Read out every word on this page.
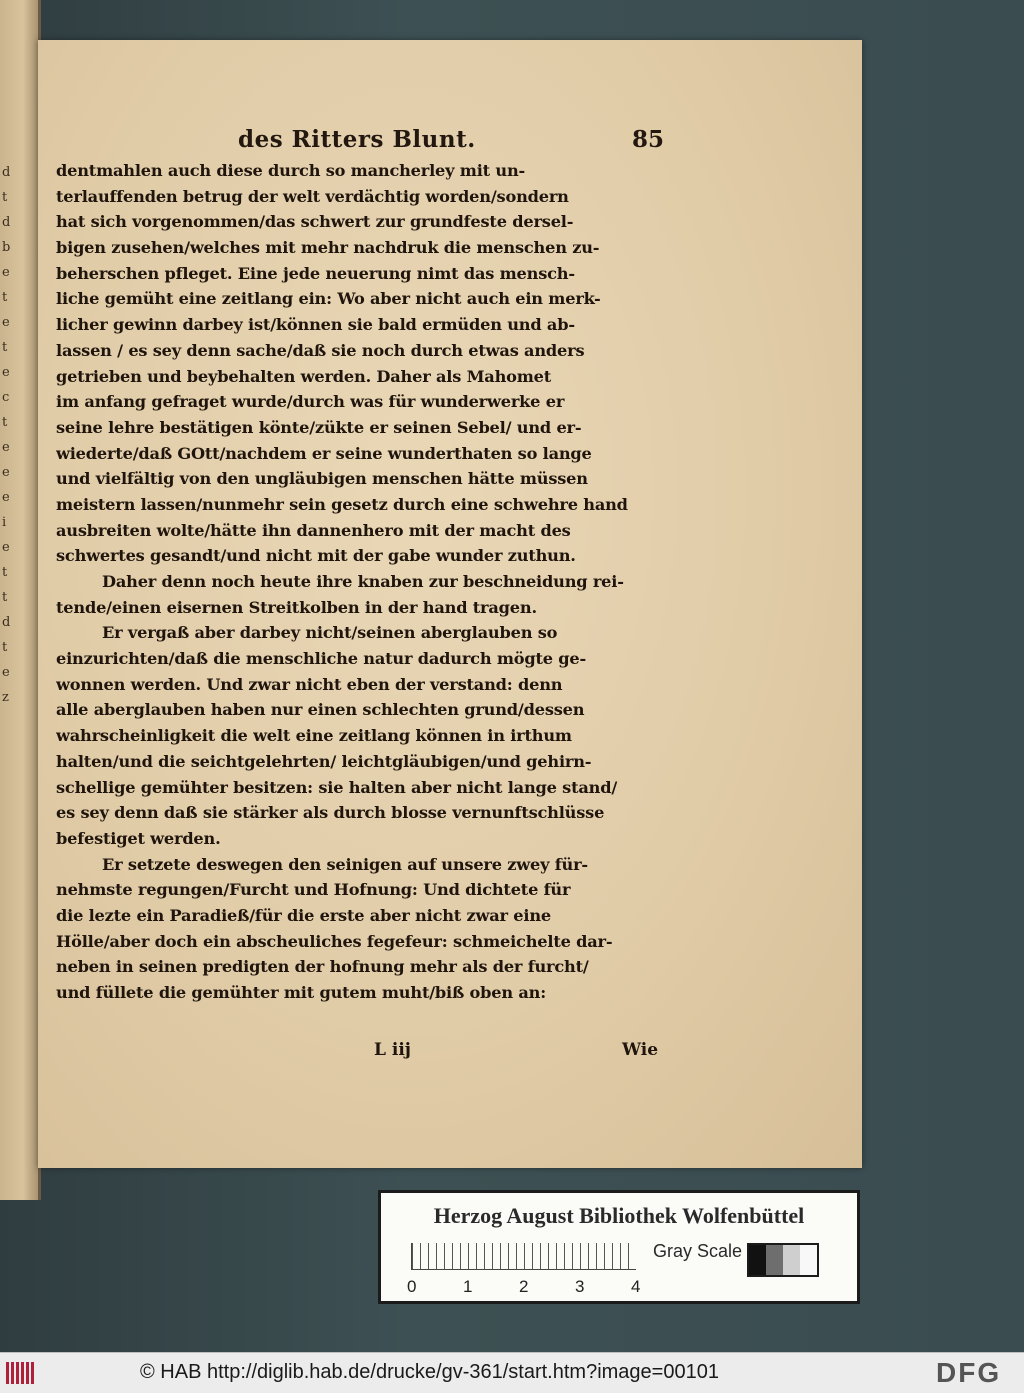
d
t
d
b
e
t
e
t
e
c
t
e
e
e
i
e
t
t
d
t
e
z
des Ritters Blunt.	85
dentmahlen auch diese durch so mancherley mit un-
terlauffenden betrug der welt verdächtig worden/sondern
hat sich vorgenommen/das schwert zur grundfeste dersel-
bigen zusehen/welches mit mehr nachdruk die menschen zu-
beherschen pfleget. Eine jede neuerung nimt das mensch-
liche gemüht eine zeitlang ein: Wo aber nicht auch ein merk-
licher gewinn darbey ist/können sie bald ermüden und ab-
lassen / es sey denn sache/daß sie noch durch etwas anders
getrieben und beybehalten werden. Daher als Mahomet
im anfang gefraget wurde/durch was für wunderwerke er
seine lehre bestätigen könte/zükte er seinen Sebel/ und er-
wiederte/daß GOtt/nachdem er seine wunderthaten so lange
und vielfältig von den ungläubigen menschen hätte müssen
meistern lassen/nunmehr sein gesetz durch eine schwehre hand
ausbreiten wolte/hätte ihn dannenhero mit der macht des
schwertes gesandt/und nicht mit der gabe wunder zuthun.
Daher denn noch heute ihre knaben zur beschneidung rei-
tende/einen eisernen Streitkolben in der hand tragen.
Er vergaß aber darbey nicht/seinen aberglauben so
einzurichten/daß die menschliche natur dadurch mögte ge-
wonnen werden. Und zwar nicht eben der verstand: denn
alle aberglauben haben nur einen schlechten grund/dessen
wahrscheinligkeit die welt eine zeitlang können in irthum
halten/und die seichtgelehrten/ leichtgläubigen/und gehirn-
schellige gemühter besitzen: sie halten aber nicht lange stand/
es sey denn daß sie stärker als durch blosse vernunftschlüsse
befestiget werden.
Er setzete deswegen den seinigen auf unsere zwey für-
nehmste regungen/Furcht und Hofnung: Und dichtete für
die lezte ein Paradieß/für die erste aber nicht zwar eine
Hölle/aber doch ein abscheuliches fegefeur: schmeichelte dar-
neben in seinen predigten der hofnung mehr als der furcht/
und füllete die gemühter mit gutem muht/biß oben an:
L iij	Wie
Herzog August Bibliothek Wolfenbüttel
0	1	2	3	4
Gray Scale
© HAB http://diglib.hab.de/drucke/gv-361/start.htm?image=00101	DFG
